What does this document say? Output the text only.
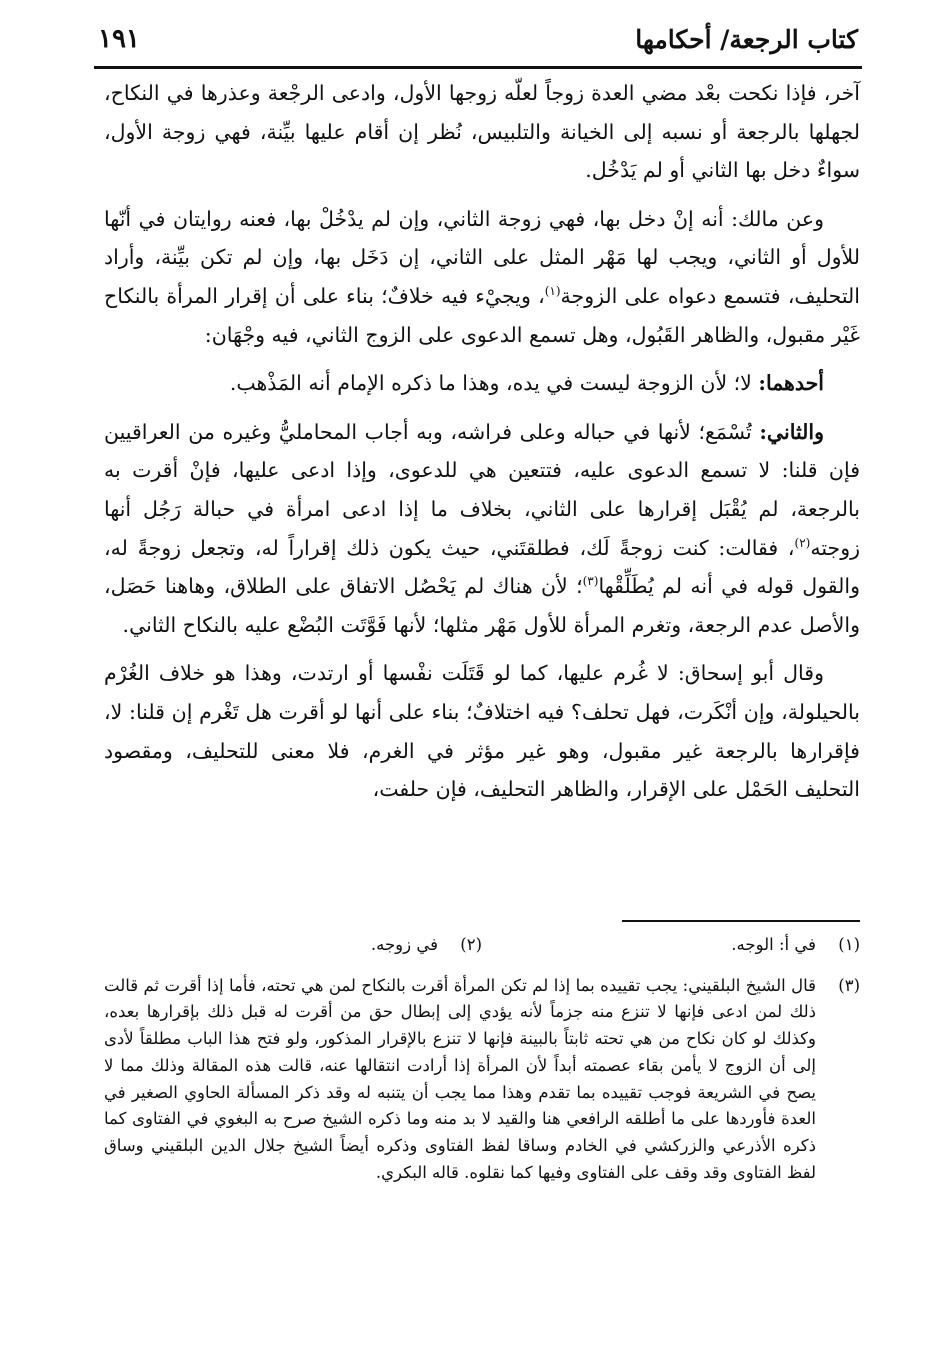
كتاب الرجعة/ أحكامها
١٩١

آخر، فإذا نكحت بعْد مضي العدة زوجاً لعلّه زوجها الأول، وادعى الرجْعة وعذرها في النكاح، لجهلها بالرجعة أو نسبه إلى الخيانة والتلبيس، نُظر إن أقام عليها بيِّنة، فهي زوجة الأول، سواءٌ دخل بها الثاني أو لم يَدْخُل.

وعن مالك: أنه إنْ دخل بها، فهي زوجة الثاني، وإن لم يدْخُلْ بها، فعنه روايتان في أنّها للأول أو الثاني، ويجب لها مَهْر المثل على الثاني، إن دَخَل بها، وإن لم تكن بيِّنة، وأراد التحليف، فتسمع دعواه على الزوجة$^{(١)}$، ويجيْء فيه خلافٌ؛ بناء على أن إقرار المرأة بالنكاح غَيْر مقبول، والظاهر القَبُول، وهل تسمع الدعوى على الزوج الثاني، فيه وجْهَان:

أحدهما: لا؛ لأن الزوجة ليست في يده، وهذا ما ذكره الإمام أنه المَذْهب.

والثاني: تُسْمَع؛ لأنها في حباله وعلى فراشه، وبه أجاب المحامليُّ وغيره من العراقيين فإن قلنا: لا تسمع الدعوى عليه، فتتعين هي للدعوى، وإذا ادعى عليها، فإنْ أقرت به بالرجعة، لم يُقْبَل إقرارها على الثاني، بخلاف ما إذا ادعى امرأة في حبالة رَجُل أنها زوجته$^{(٢)}$، فقالت: كنت زوجةً لَك، فطلقتَني، حيث يكون ذلك إقراراً له، وتجعل زوجةً له، والقول قوله في أنه لم يُطَلِّقْها$^{(٣)}$؛ لأن هناك لم يَحْصُل الاتفاق على الطلاق، وهاهنا حَصَل، والأصل عدم الرجعة، وتغرم المرأة للأول مَهْر مثلها؛ لأنها فَوَّتَت البُضْع عليه بالنكاح الثاني.

وقال أبو إسحاق: لا غُرم عليها، كما لو قَتَلَت نفْسها أو ارتدت، وهذا هو خلاف الغُرْم بالحيلولة، وإن أنْكَرت، فهل تحلف؟ فيه اختلافٌ؛ بناء على أنها لو أقرت هل تَغْرم إن قلنا: لا، فإقرارها بالرجعة غير مقبول، وهو غير مؤثر في الغرم، فلا معنى للتحليف، ومقصود التحليف الحَمْل على الإقرار، والظاهر التحليف، فإن حلفت،

(١)
في أ: الوجه.
(٢)
في زوجه.
(٣)
قال الشيخ البلقيني: يجب تقييده بما إذا لم تكن المرأة أقرت بالنكاح لمن هي تحته، فأما إذا أقرت ثم قالت ذلك لمن ادعى فإنها لا تنزع منه جزماً لأنه يؤدي إلى إبطال حق من أقرت له قبل ذلك بإقرارها بعده، وكذلك لو كان نكاح من هي تحته ثابتاً بالبينة فإنها لا تنزع بالإقرار المذكور، ولو فتح هذا الباب مطلقاً لأدى إلى أن الزوج لا يأمن بقاء عصمته أبداً لأن المرأة إذا أرادت انتقالها عنه، قالت هذه المقالة وذلك مما لا يصح في الشريعة فوجب تقييده بما تقدم وهذا مما يجب أن يتنبه له وقد ذكر المسألة الحاوي الصغير في العدة فأوردها على ما أطلقه الرافعي هنا والقيد لا بد منه وما ذكره الشيخ صرح به البغوي في الفتاوى كما ذكره الأذرعي والزركشي في الخادم وساقا لفظ الفتاوى وذكره أيضاً الشيخ جلال الدين البلقيني وساق لفظ الفتاوى وقد وقف على الفتاوى وفيها كما نقلوه. قاله البكري.
